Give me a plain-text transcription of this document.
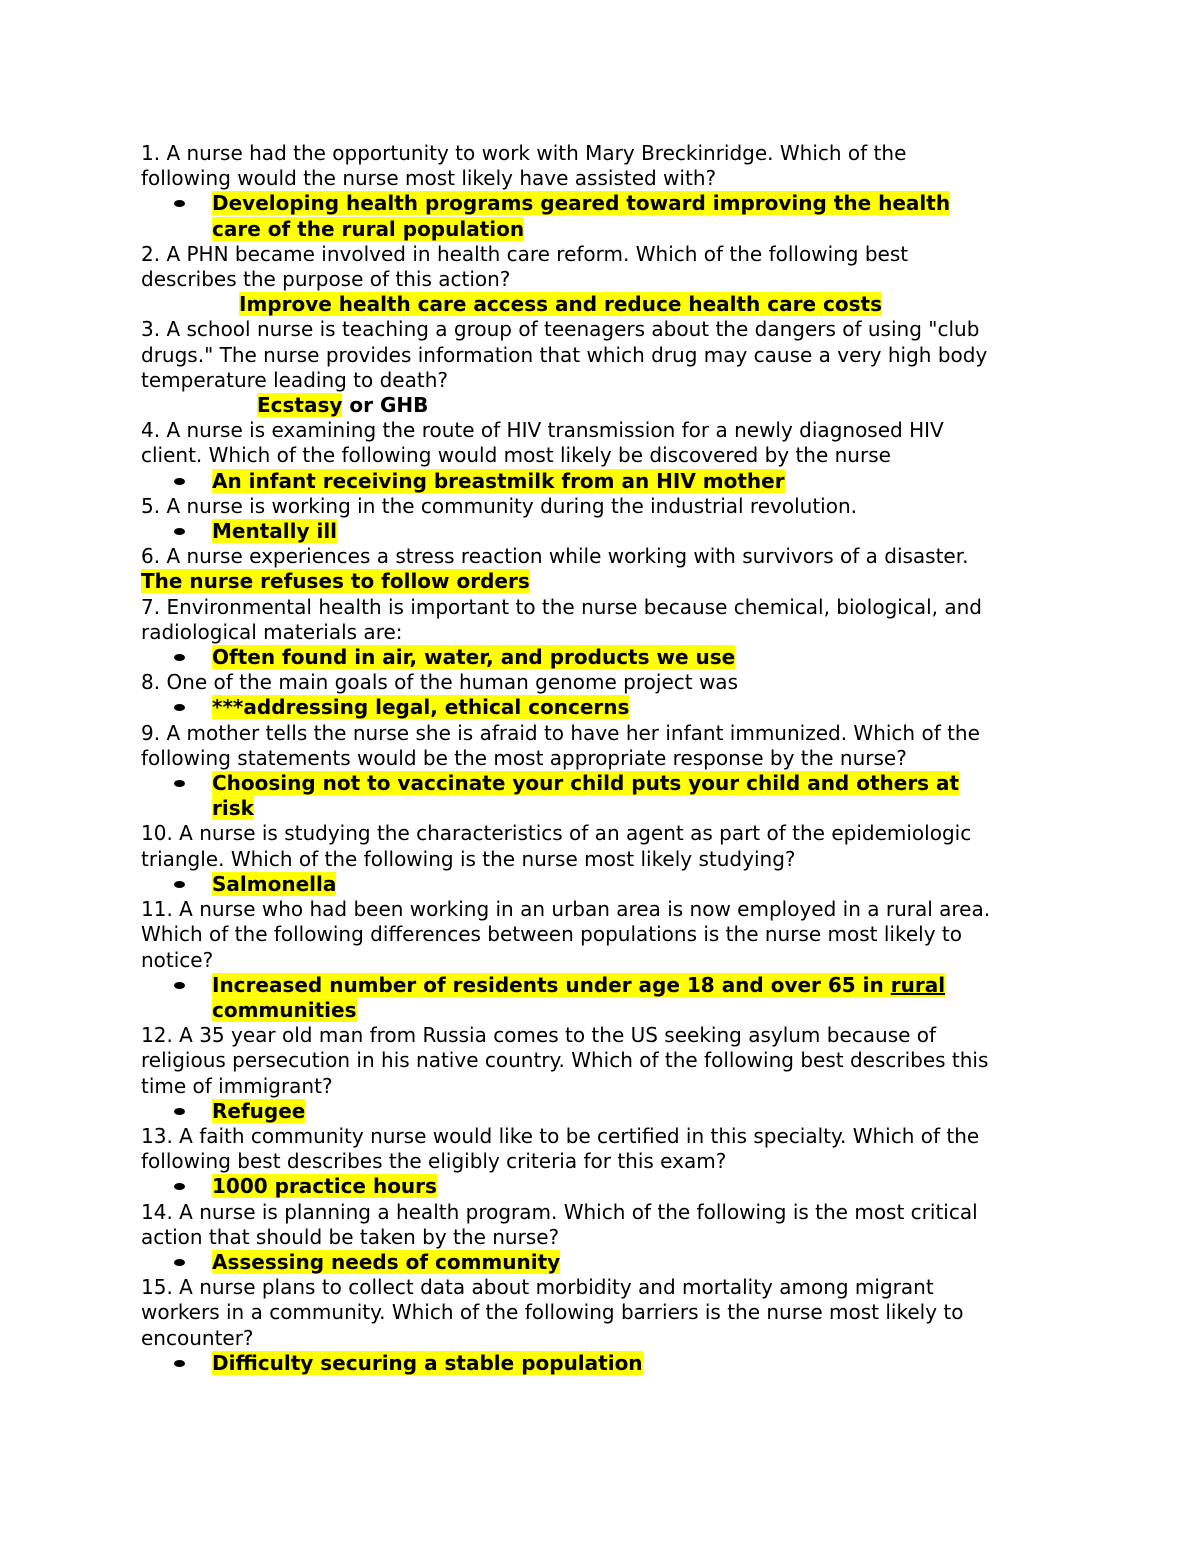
1. A nurse had the opportunity to work with Mary Breckinridge. Which of the
following would the nurse most likely have assisted with?
Developing health programs geared toward improving the health
care of the rural population
2. A PHN became involved in health care reform. Which of the following best
describes the purpose of this action?
Improve health care access and reduce health care costs
3. A school nurse is teaching a group of teenagers about the dangers of using "club
drugs." The nurse provides information that which drug may cause a very high body
temperature leading to death?
Ecstasy or GHB
4. A nurse is examining the route of HIV transmission for a newly diagnosed HIV
client. Which of the following would most likely be discovered by the nurse
An infant receiving breastmilk from an HIV mother
5. A nurse is working in the community during the industrial revolution.
Mentally ill
6. A nurse experiences a stress reaction while working with survivors of a disaster.
The nurse refuses to follow orders
7. Environmental health is important to the nurse because chemical, biological, and
radiological materials are:
Often found in air, water, and products we use
8. One of the main goals of the human genome project was
***addressing legal, ethical concerns
9. A mother tells the nurse she is afraid to have her infant immunized. Which of the
following statements would be the most appropriate response by the nurse?
Choosing not to vaccinate your child puts your child and others at
risk
10. A nurse is studying the characteristics of an agent as part of the epidemiologic
triangle. Which of the following is the nurse most likely studying?
Salmonella
11. A nurse who had been working in an urban area is now employed in a rural area.
Which of the following differences between populations is the nurse most likely to
notice?
Increased number of residents under age 18 and over 65 in rural
communities
12. A 35 year old man from Russia comes to the US seeking asylum because of
religious persecution in his native country. Which of the following best describes this
time of immigrant?
Refugee
13. A faith community nurse would like to be certified in this specialty. Which of the
following best describes the eligibly criteria for this exam?
1000 practice hours
14. A nurse is planning a health program. Which of the following is the most critical
action that should be taken by the nurse?
Assessing needs of community
15. A nurse plans to collect data about morbidity and mortality among migrant
workers in a community. Which of the following barriers is the nurse most likely to
encounter?
Difficulty securing a stable population
